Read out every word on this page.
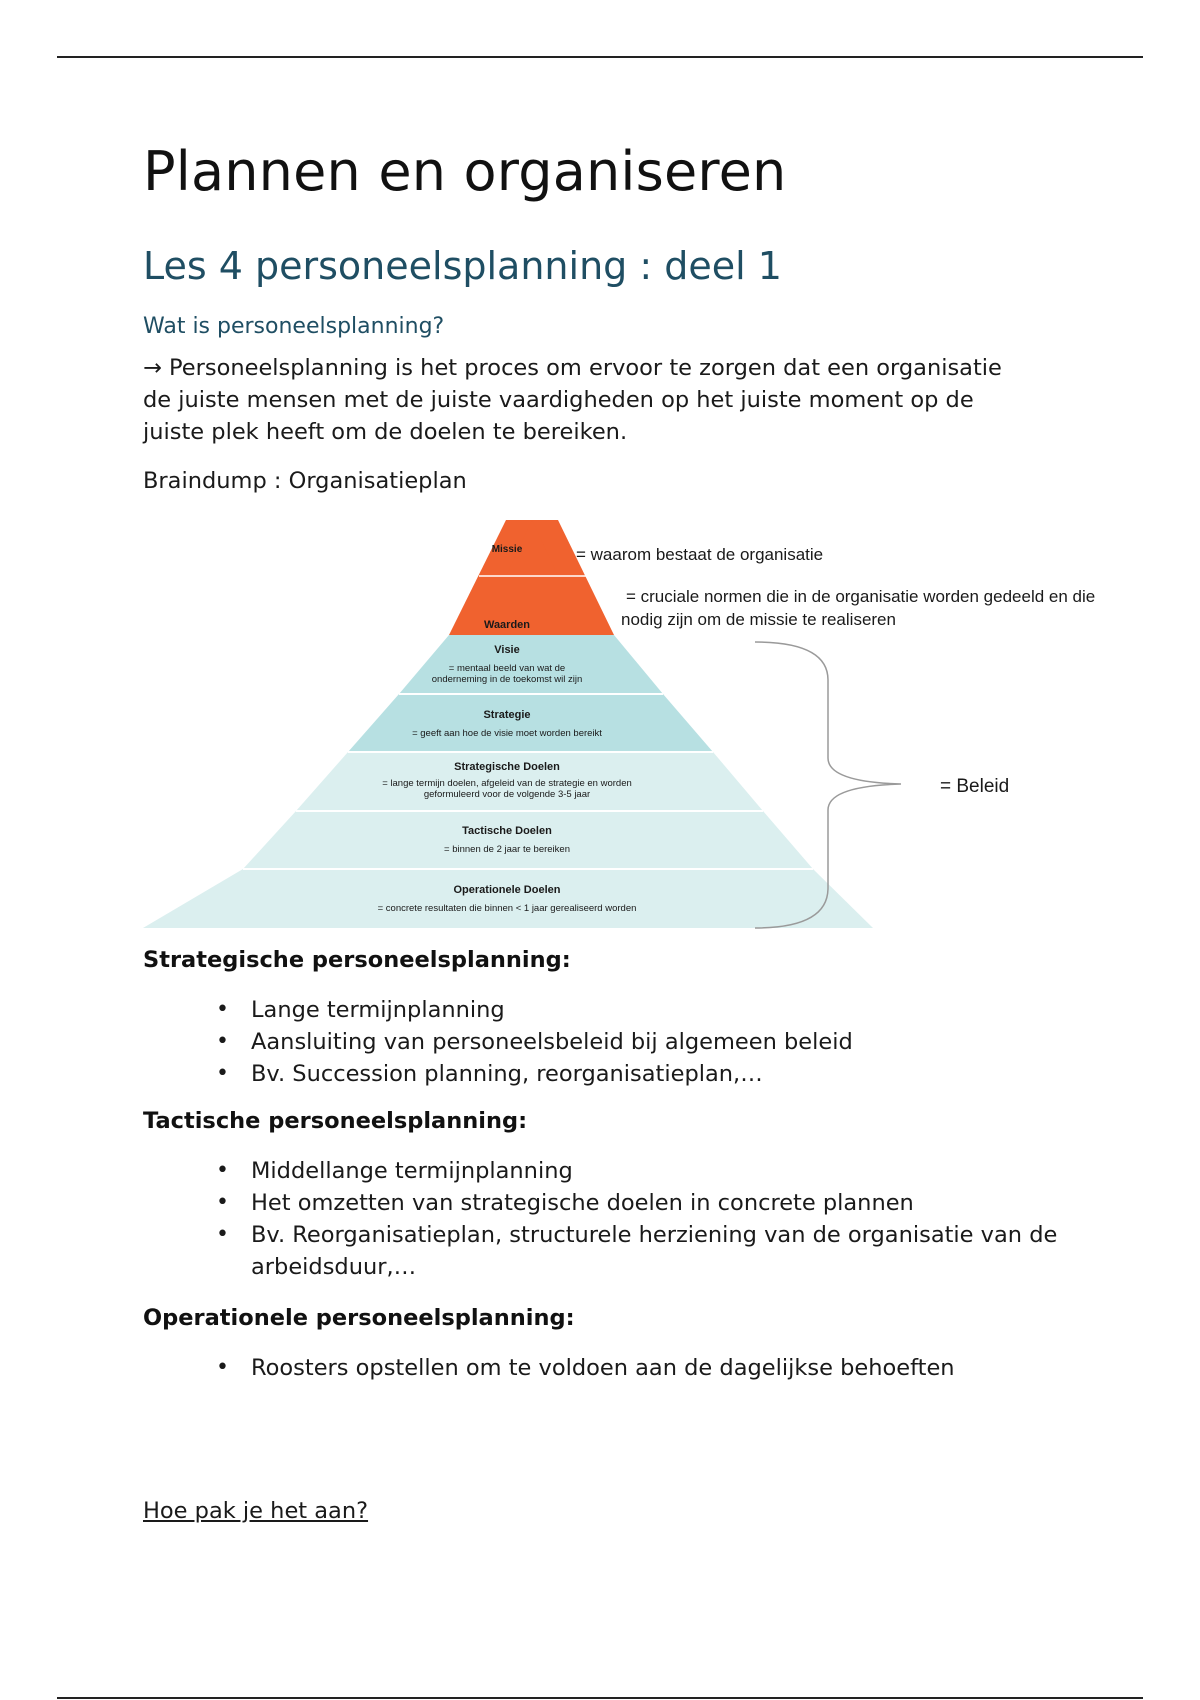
Plannen en organiseren
Les 4 personeelsplanning : deel 1
Wat is personeelsplanning?

→ Personeelsplanning is het proces om ervoor te zorgen dat een organisatie de juiste mensen met de juiste vaardigheden op het juiste moment op de juiste plek heeft om de doelen te bereiken.

Braindump : Organisatieplan

Missie
Waarden
Visie
= mentaal beeld van wat de
onderneming in de toekomst wil zijn
Strategie
= geeft aan hoe de visie moet worden bereikt
Strategische Doelen
= lange termijn doelen, afgeleid van de strategie en worden
geformuleerd voor de volgende 3-5 jaar
Tactische Doelen
= binnen de 2 jaar te bereiken
Operationele Doelen
= concrete resultaten die binnen < 1 jaar gerealiseerd worden
= waarom bestaat de organisatie
= cruciale normen die in de organisatie worden gedeeld en die
nodig zijn om de missie te realiseren
= Beleid

Strategische personeelsplanning:

• Lange termijnplanning
• Aansluiting van personeelsbeleid bij algemeen beleid
• Bv. Succession planning, reorganisatieplan,…

Tactische personeelsplanning:

• Middellange termijnplanning
• Het omzetten van strategische doelen in concrete plannen
• Bv. Reorganisatieplan, structurele herziening van de organisatie van de arbeidsduur,…

Operationele personeelsplanning:

• Roosters opstellen om te voldoen aan de dagelijkse behoeften

Hoe pak je het aan?
